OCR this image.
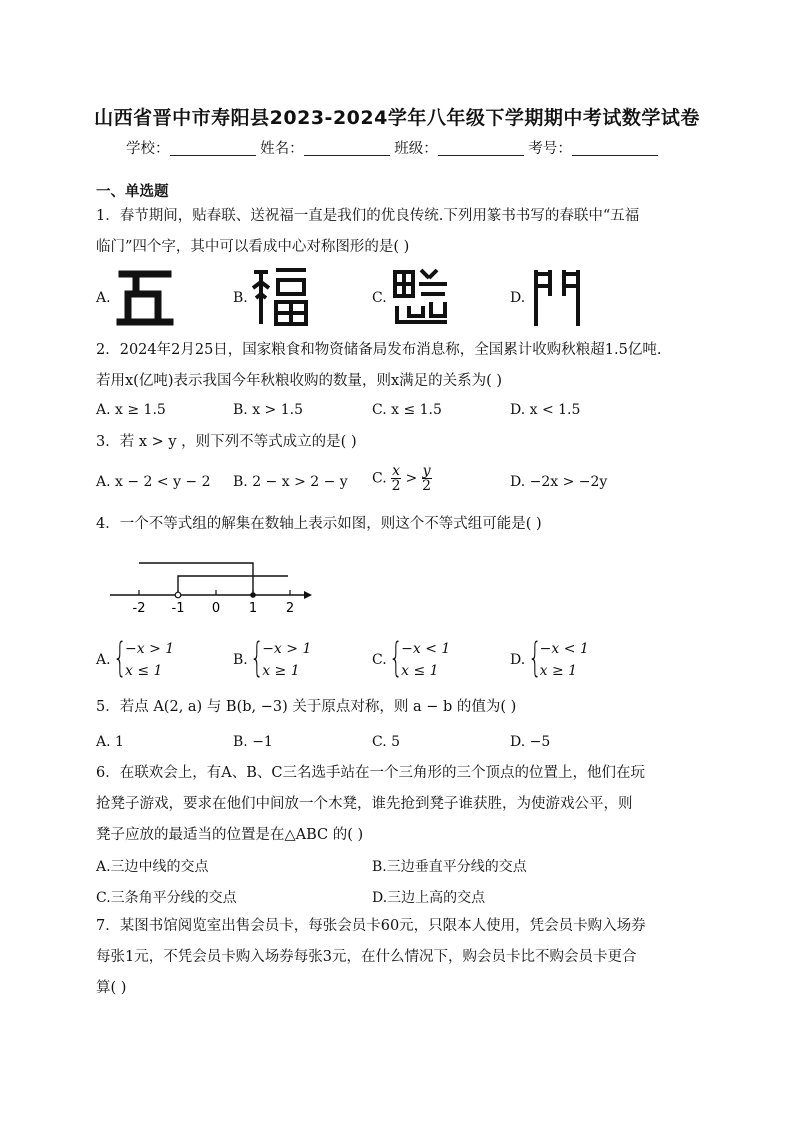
山西省晋中市寿阳县2023-2024学年八年级下学期期中考试数学试卷
学校：	姓名：	班级：	考号：
一、单选题
1．春节期间，贴春联、送祝福一直是我们的优良传统.下列用篆书书写的春联中“五福
临门”四个字，其中可以看成中心对称图形的是( )
A.	B.	C.	D.
2．2024年2月25日，国家粮食和物资储备局发布消息称，全国累计收购秋粮超1.5亿吨.
若用x(亿吨)表示我国今年秋粮收购的数量，则x满足的关系为( )
A. x ≥ 1.5	B. x > 1.5	C. x ≤ 1.5	D. x < 1.5
3．若 x > y ，则下列不等式成立的是( )
A. x − 2 < y − 2 B. 2 − x > 2 − y C. $\frac{x}{2} > \frac{y}{2}$	D. −2x > −2y
4．一个不等式组的解集在数轴上表示如图，则这个不等式组可能是( )
-2 -1 0 1 2
A. {
−x > 1
x ≤ 1
B. {
−x > 1
x ≥ 1
C. {
−x < 1
x ≤ 1
D. {
−x < 1
x ≥ 1
5．若点 A(2, a) 与 B(b, −3) 关于原点对称，则 a − b 的值为( )
A. 1	B. −1	C. 5	D. −5
6．在联欢会上，有A、B、C三名选手站在一个三角形的三个顶点的位置上，他们在玩
抢凳子游戏，要求在他们中间放一个木凳，谁先抢到凳子谁获胜，为使游戏公平，则
凳子应放的最适当的位置是在△ABC 的( )
A.三边中线的交点	B.三边垂直平分线的交点
C.三条角平分线的交点	D.三边上高的交点
7．某图书馆阅览室出售会员卡，每张会员卡60元，只限本人使用，凭会员卡购入场券
每张1元，不凭会员卡购入场券每张3元，在什么情况下，购会员卡比不购会员卡更合
算( )
